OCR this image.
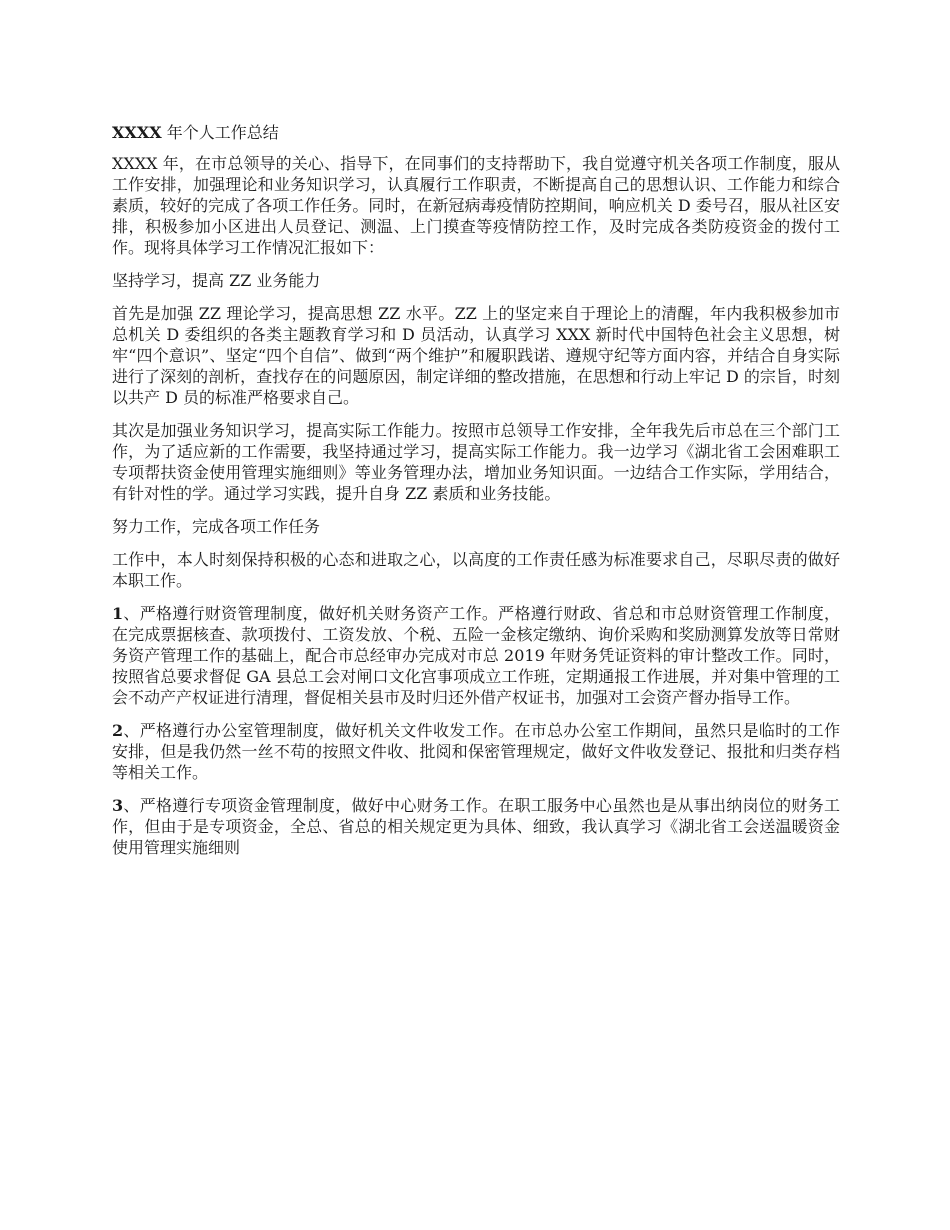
XXXX 年个人工作总结

XXXX 年，在市总领导的关心、指导下，在同事们的支持帮助下，我自觉遵守机关各项工作制度，服从工作安排，加强理论和业务知识学习，认真履行工作职责，不断提高自己的思想认识、工作能力和综合素质，较好的完成了各项工作任务。同时，在新冠病毒疫情防控期间，响应机关 D 委号召，服从社区安排，积极参加小区进出人员登记、测温、上门摸查等疫情防控工作，及时完成各类防疫资金的拨付工作。现将具体学习工作情况汇报如下：

坚持学习，提高 ZZ 业务能力

首先是加强 ZZ 理论学习，提高思想 ZZ 水平。ZZ 上的坚定来自于理论上的清醒，年内我积极参加市总机关 D 委组织的各类主题教育学习和 D 员活动，认真学习 XXX 新时代中国特色社会主义思想，树牢“四个意识”、坚定“四个自信”、做到“两个维护”和履职践诺、遵规守纪等方面内容，并结合自身实际进行了深刻的剖析，查找存在的问题原因，制定详细的整改措施，在思想和行动上牢记 D 的宗旨，时刻以共产 D 员的标准严格要求自己。

其次是加强业务知识学习，提高实际工作能力。按照市总领导工作安排，全年我先后市总在三个部门工作，为了适应新的工作需要，我坚持通过学习，提高实际工作能力。我一边学习《湖北省工会困难职工专项帮扶资金使用管理实施细则》等业务管理办法，增加业务知识面。一边结合工作实际，学用结合，有针对性的学。通过学习实践，提升自身 ZZ 素质和业务技能。

努力工作，完成各项工作任务

工作中，本人时刻保持积极的心态和进取之心，以高度的工作责任感为标准要求自己，尽职尽责的做好本职工作。

1、严格遵行财资管理制度，做好机关财务资产工作。严格遵行财政、省总和市总财资管理工作制度，在完成票据核查、款项拨付、工资发放、个税、五险一金核定缴纳、询价采购和奖励测算发放等日常财务资产管理工作的基础上，配合市总经审办完成对市总 2019 年财务凭证资料的审计整改工作。同时，按照省总要求督促 GA 县总工会对闸口文化宫事项成立工作班，定期通报工作进展，并对集中管理的工会不动产产权证进行清理，督促相关县市及时归还外借产权证书，加强对工会资产督办指导工作。

2、严格遵行办公室管理制度，做好机关文件收发工作。在市总办公室工作期间，虽然只是临时的工作安排，但是我仍然一丝不苟的按照文件收、批阅和保密管理规定，做好文件收发登记、报批和归类存档等相关工作。

3、严格遵行专项资金管理制度，做好中心财务工作。在职工服务中心虽然也是从事出纳岗位的财务工作，但由于是专项资金，全总、省总的相关规定更为具体、细致，我认真学习《湖北省工会送温暖资金使用管理实施细则
